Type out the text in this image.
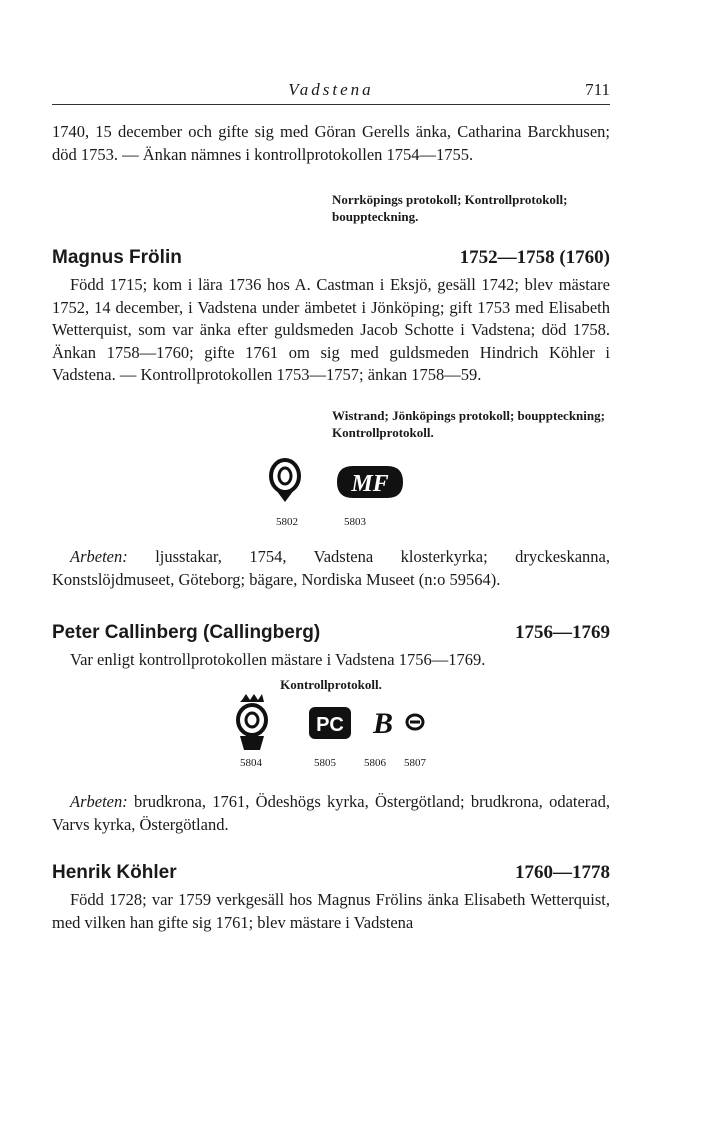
Vadstena	711

1740, 15 december och gifte sig med Göran Gerells änka, Catharina Barckhusen; död 1753. — Änkan nämnes i kontrollprotokollen 1754—1755.

Norrköpings protokoll; Kontrollprotokoll; bouppteckning.

Magnus Frölin	1752—1758 (1760)

Född 1715; kom i lära 1736 hos A. Castman i Eksjö, gesäll 1742; blev mästare 1752, 14 december, i Vadstena under ämbetet i Jönköping; gift 1753 med Elisabeth Wetterquist, som var änka efter guldsmeden Jacob Schotte i Vadstena; död 1758. Änkan 1758—1760; gifte 1761 om sig med guldsmeden Hindrich Köhler i Vadstena. — Kontrollprotokollen 1753—1757; änkan 1758—59.

Wistrand; Jönköpings protokoll; bouppteckning; Kontrollprotokoll.

MF
5802	5803

Arbeten: ljusstakar, 1754, Vadstena klosterkyrka; dryckeskanna, Konstslöjdmuseet, Göteborg; bägare, Nordiska Museet (n:o 59564).

Peter Callinberg (Callingberg)	1756—1769

Var enligt kontrollprotokollen mästare i Vadstena 1756—1769.

Kontrollprotokoll.

PC B
5804	5805	5806 5807

Arbeten: brudkrona, 1761, Ödeshögs kyrka, Östergötland; brudkrona, odaterad, Varvs kyrka, Östergötland.

Henrik Köhler	1760—1778

Född 1728; var 1759 verkgesäll hos Magnus Frölins änka Elisabeth Wetterquist, med vilken han gifte sig 1761; blev mästare i Vadstena
